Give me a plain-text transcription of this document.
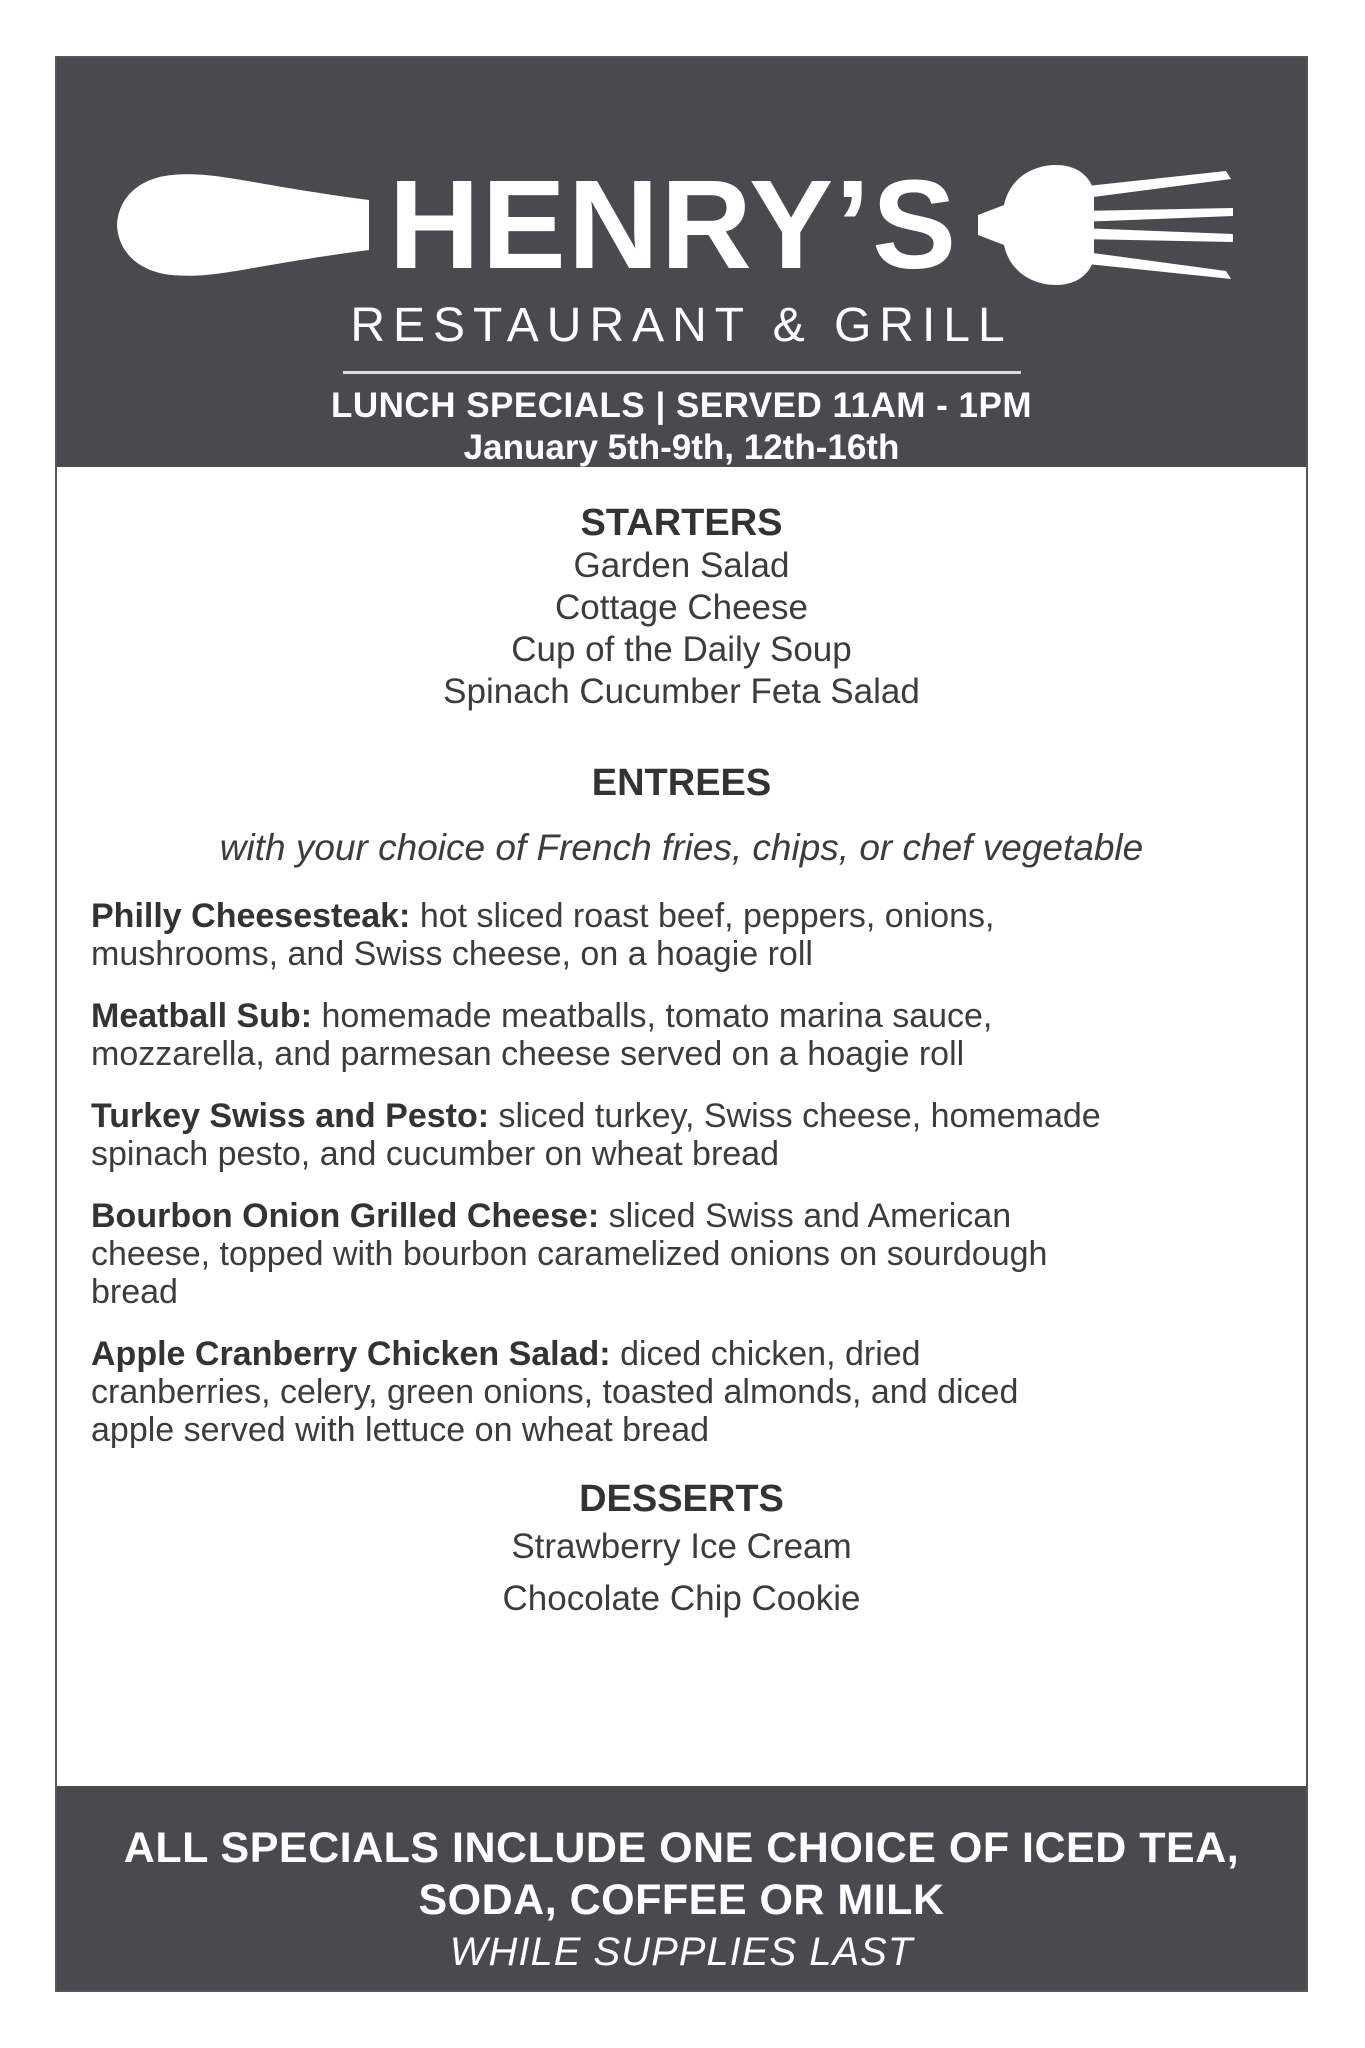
HENRY’S
RESTAURANT & GRILL
LUNCH SPECIALS | SERVED 11AM - 1PM
January 5th-9th, 12th-16th
STARTERS
Garden Salad
Cottage Cheese
Cup of the Daily Soup
Spinach Cucumber Feta Salad
ENTREES
with your choice of French fries, chips, or chef vegetable
Philly Cheesesteak: hot sliced roast beef, peppers, onions, mushrooms, and Swiss cheese, on a hoagie roll
Meatball Sub: homemade meatballs, tomato marina sauce, mozzarella, and parmesan cheese served on a hoagie roll
Turkey Swiss and Pesto: sliced turkey, Swiss cheese, homemade spinach pesto, and cucumber on wheat bread
Bourbon Onion Grilled Cheese: sliced Swiss and American cheese, topped with bourbon caramelized onions on sourdough bread
Apple Cranberry Chicken Salad: diced chicken, dried cranberries, celery, green onions, toasted almonds, and diced apple served with lettuce on wheat bread
DESSERTS
Strawberry Ice Cream
Chocolate Chip Cookie
ALL SPECIALS INCLUDE ONE CHOICE OF ICED TEA,
SODA, COFFEE OR MILK
WHILE SUPPLIES LAST
